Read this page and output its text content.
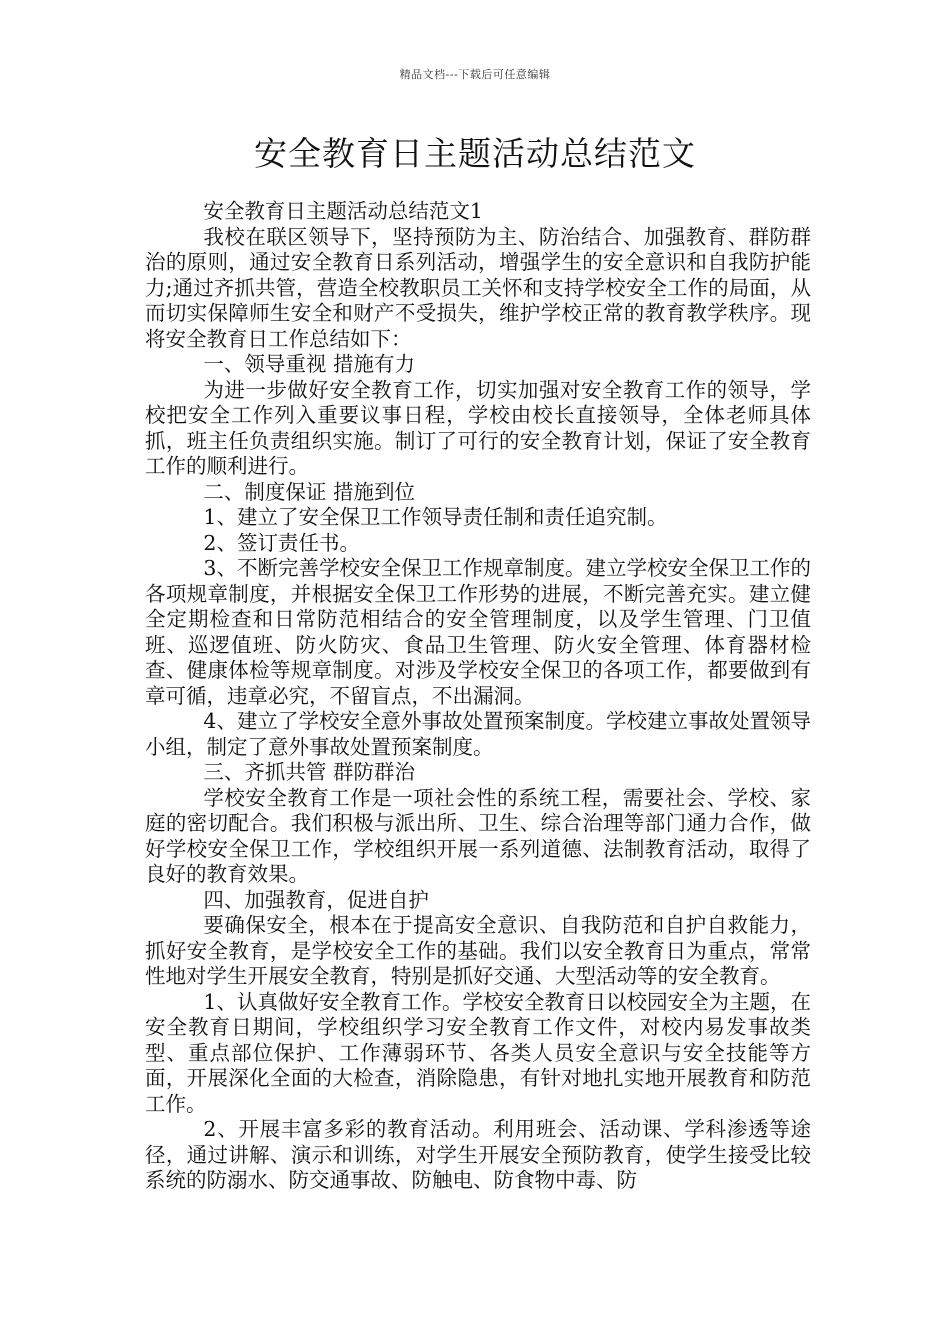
精品文档---下载后可任意编辑
安全教育日主题活动总结范文

安全教育日主题活动总结范文1

我校在联区领导下，坚持预防为主、防治结合、加强教育、群防群治的原则，通过安全教育日系列活动，增强学生的安全意识和自我防护能力;通过齐抓共管，营造全校教职员工关怀和支持学校安全工作的局面，从而切实保障师生安全和财产不受损失，维护学校正常的教育教学秩序。现将安全教育日工作总结如下：

一、领导重视 措施有力

为进一步做好安全教育工作，切实加强对安全教育工作的领导，学校把安全工作列入重要议事日程，学校由校长直接领导，全体老师具体抓，班主任负责组织实施。制订了可行的安全教育计划，保证了安全教育工作的顺利进行。

二、制度保证 措施到位

1、建立了安全保卫工作领导责任制和责任追究制。

2、签订责任书。

3、不断完善学校安全保卫工作规章制度。建立学校安全保卫工作的各项规章制度，并根据安全保卫工作形势的进展，不断完善充实。建立健全定期检查和日常防范相结合的安全管理制度，以及学生管理、门卫值班、巡逻值班、防火防灾、食品卫生管理、防火安全管理、体育器材检查、健康体检等规章制度。对涉及学校安全保卫的各项工作，都要做到有章可循，违章必究，不留盲点，不出漏洞。

4、建立了学校安全意外事故处置预案制度。学校建立事故处置领导小组，制定了意外事故处置预案制度。

三、齐抓共管 群防群治

学校安全教育工作是一项社会性的系统工程，需要社会、学校、家庭的密切配合。我们积极与派出所、卫生、综合治理等部门通力合作，做好学校安全保卫工作，学校组织开展一系列道德、法制教育活动，取得了良好的教育效果。

四、加强教育，促进自护

要确保安全，根本在于提高安全意识、自我防范和自护自救能力，抓好安全教育，是学校安全工作的基础。我们以安全教育日为重点，常常性地对学生开展安全教育，特别是抓好交通、大型活动等的安全教育。

1、认真做好安全教育工作。学校安全教育日以校园安全为主题，在安全教育日期间，学校组织学习安全教育工作文件，对校内易发事故类型、重点部位保护、工作薄弱环节、各类人员安全意识与安全技能等方面，开展深化全面的大检查，消除隐患，有针对地扎实地开展教育和防范工作。

2、开展丰富多彩的教育活动。利用班会、活动课、学科渗透等途径，通过讲解、演示和训练，对学生开展安全预防教育，使学生接受比较系统的防溺水、防交通事故、防触电、防食物中毒、防
